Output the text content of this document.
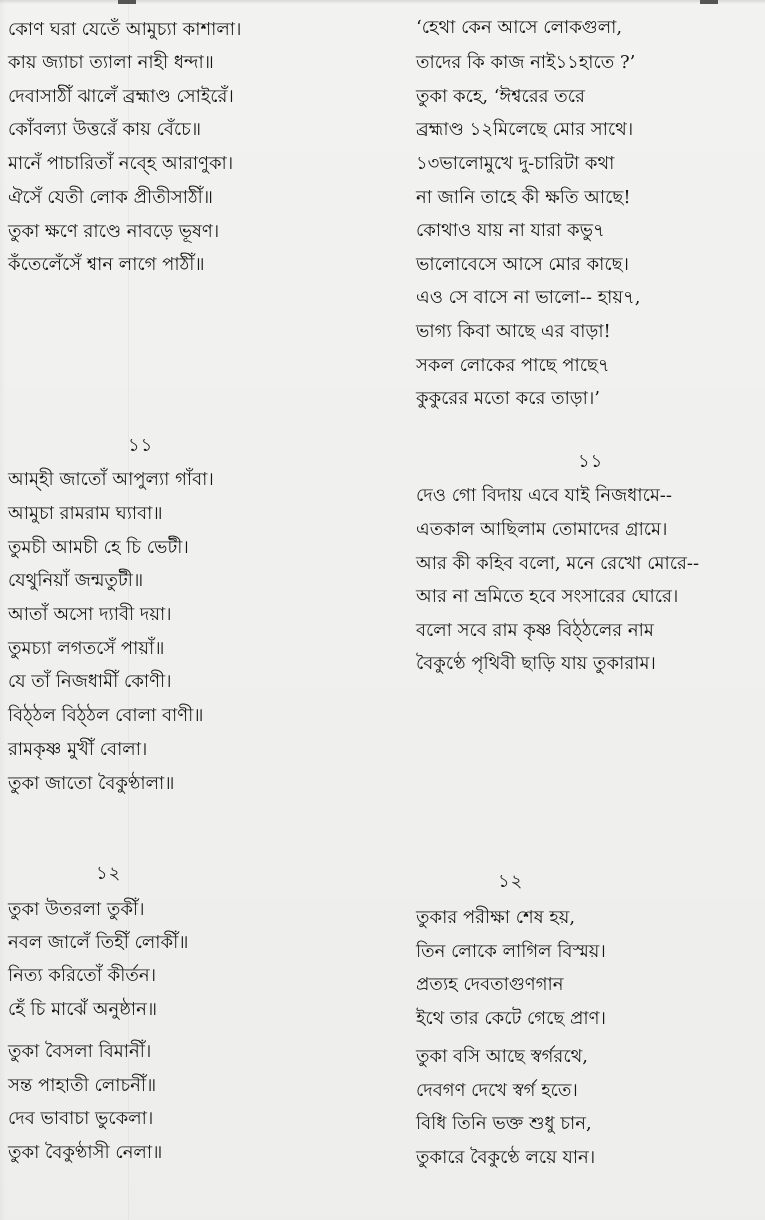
কোণ ঘরা যেতেঁ আমুচ্যা কাশালা।
কায় জ্যাচা ত্যালা নাহী ধন্দা॥
দেবাসাঠীঁ ঝালেঁ ব্রহ্মাণ্ড সোইরেঁ।
কোঁবল্যা উত্তরেঁ কায় বেঁচে॥
মানেঁ পাচারিতাঁ নব্হে আরাণুকা।
ঐসেঁ যেতী লোক প্রীতীসাঠীঁ॥
তুকা ক্ষণে রাণ্ডে নাবড়ে ভূষণ।
কঁতেলেঁসেঁ শ্বান লাগে পাঠীঁ॥
১১
আম্হী জাতোঁ আপুল্যা গাঁবা।
আমুচা রামরাম ঘ্যাবা॥
তুমচী আমচী হে চি ভেটী।
যেথুনিয়াঁ জন্মতুটী॥
আতাঁ অসো দ্যাবী দয়া।
তুমচ্যা লগতসেঁ পায়াঁ॥
যে তাঁ নিজধামীঁ কোণী।
বিঠ্ঠল বিঠ্ঠল বোলা বাণী॥
রামকৃষ্ণ মুখীঁ বোলা।
তুকা জাতো বৈকুণ্ঠালা॥
১২
তুকা উতরলা তুকীঁ।
নবল জালেঁ তিহীঁ লোকীঁ॥
নিত্য করিতোঁ কীর্তন।
হেঁ চি মাঝেঁ অনুষ্ঠান॥
তুকা বৈসলা বিমানীঁ।
সন্ত পাহাতী লোচনীঁ॥
দেব ভাবাচা ভুকেলা।
তুকা বৈকুণ্ঠাসী নেলা॥
‘হেথা কেন আসে লোকগুলা,
তাদের কি কাজ নাই১১হাতে ?’
তুকা কহে, ‘ঈশ্বরের তরে
ব্রহ্মাণ্ড ১২মিলেছে মোর সাথে।
১৩ভালোমুখে দু-চারিটা কথা
না জানি তাহে কী ক্ষতি আছে!
কোথাও যায় না যারা কভু৭
ভালোবেসে আসে মোর কাছে।
এও সে বাসে না ভালো-- হায়৭,
ভাগ্য কিবা আছে এর বাড়া!
সকল লোকের পাছে পাছে৭
কুকুরের মতো করে তাড়া।’
১১
দেও গো বিদায় এবে যাই নিজধামে--
এতকাল আছিলাম তোমাদের গ্রামে।
আর কী কহিব বলো, মনে রেখো মোরে--
আর না ভ্রমিতে হবে সংসারের ঘোরে।
বলো সবে রাম কৃষ্ণ বিঠ্ঠলের নাম
বৈকুণ্ঠে পৃথিবী ছাড়ি যায় তুকারাম।
১২
তুকার পরীক্ষা শেষ হয়,
তিন লোকে লাগিল বিস্ময়।
প্রত্যহ দেবতাগুণগান
ইথে তার কেটে গেছে প্রাণ।
তুকা বসি আছে স্বর্গরথে,
দেবগণ দেখে স্বর্গ হতে।
বিধি তিনি ভক্ত শুধু চান,
তুকারে বৈকুণ্ঠে লয়ে যান।
